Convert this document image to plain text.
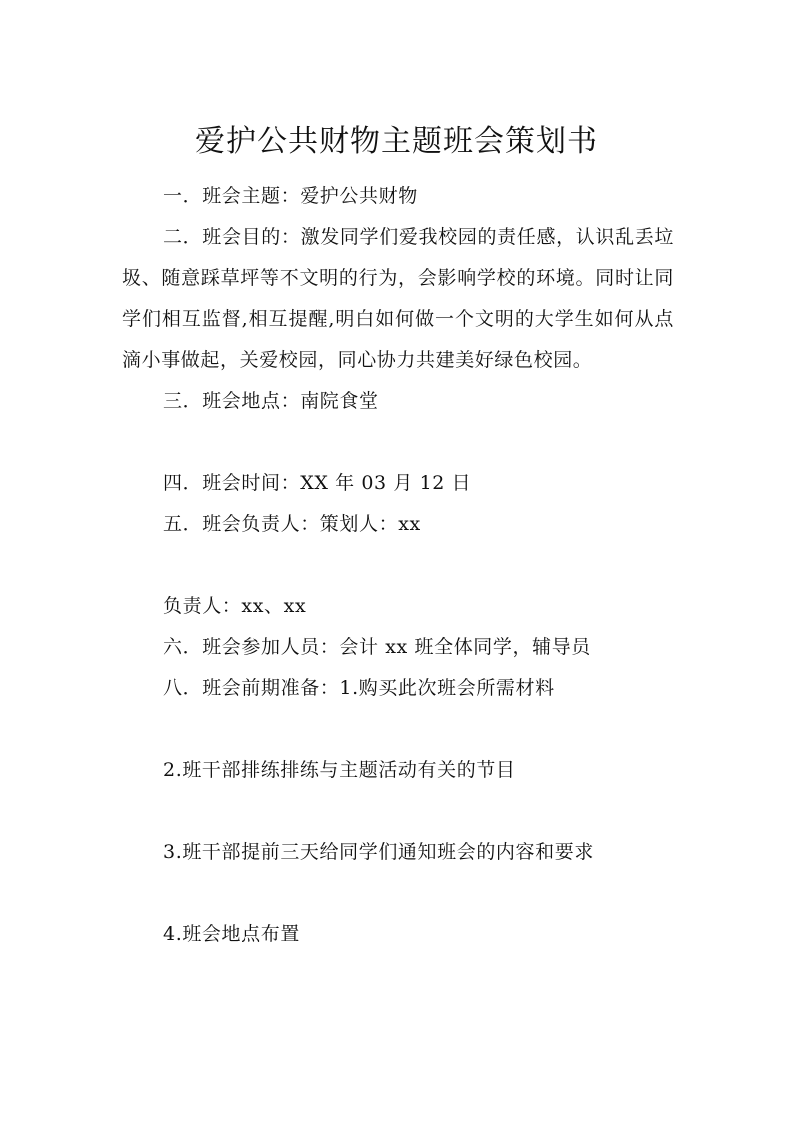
爱护公共财物主题班会策划书

一．班会主题：爱护公共财物

二．班会目的：激发同学们爱我校园的责任感，认识乱丢垃圾、随意踩草坪等不文明的行为，会影响学校的环境。同时让同学们相互监督,相互提醒,明白如何做一个文明的大学生如何从点滴小事做起，关爱校园，同心协力共建美好绿色校园。

三．班会地点：南院食堂

四．班会时间：XX 年 03 月 12 日

五．班会负责人：策划人：xx

负责人：xx、xx

六．班会参加人员：会计 xx 班全体同学，辅导员

八．班会前期准备：1.购买此次班会所需材料

2.班干部排练排练与主题活动有关的节目

3.班干部提前三天给同学们通知班会的内容和要求

4.班会地点布置
